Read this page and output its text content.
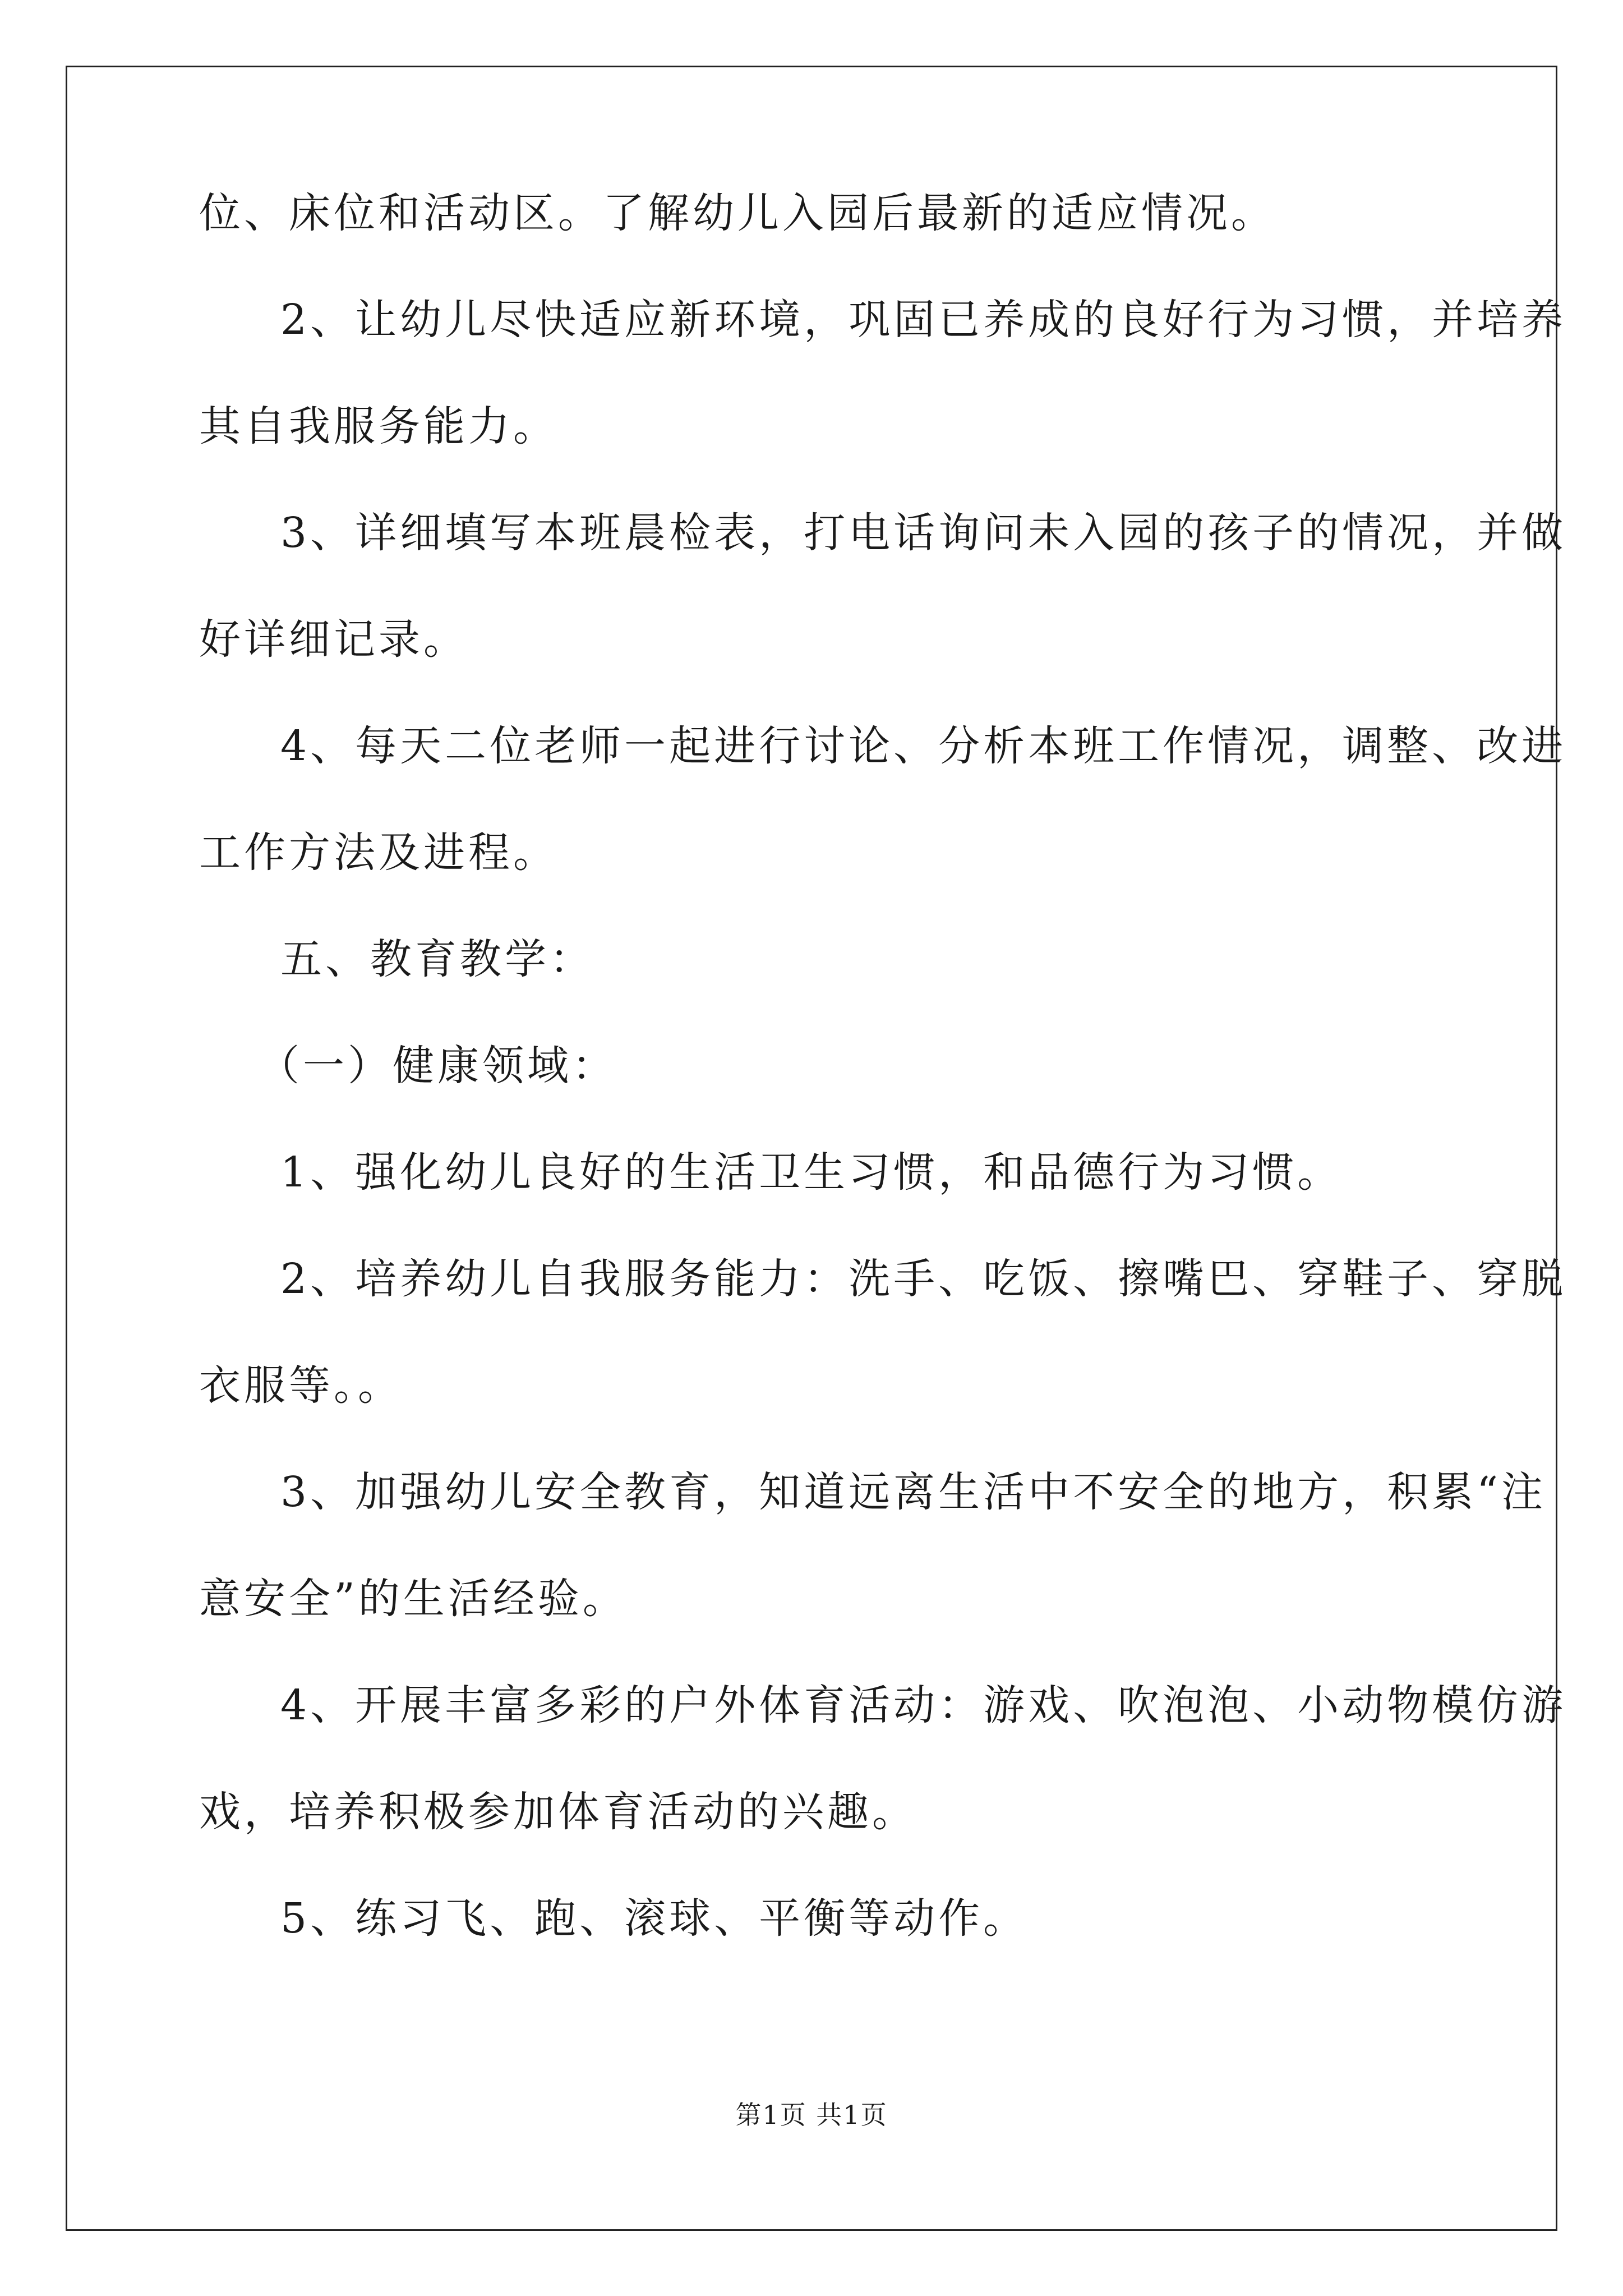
位、床位和活动区。了解幼儿入园后最新的适应情况。
2、让幼儿尽快适应新环境，巩固已养成的良好行为习惯，并培养
其自我服务能力。
3、详细填写本班晨检表，打电话询问未入园的孩子的情况，并做
好详细记录。
4、每天二位老师一起进行讨论、分析本班工作情况，调整、改进
工作方法及进程。
五、教育教学：
（一）健康领域：
1、强化幼儿良好的生活卫生习惯，和品德行为习惯。
2、培养幼儿自我服务能力：洗手、吃饭、擦嘴巴、穿鞋子、穿脱
衣服等。。
3、加强幼儿安全教育，知道远离生活中不安全的地方，积累“注
意安全”的生活经验。
4、开展丰富多彩的户外体育活动：游戏、吹泡泡、小动物模仿游
戏，培养积极参加体育活动的兴趣。
5、练习飞、跑、滚球、平衡等动作。
第1页 共1页
